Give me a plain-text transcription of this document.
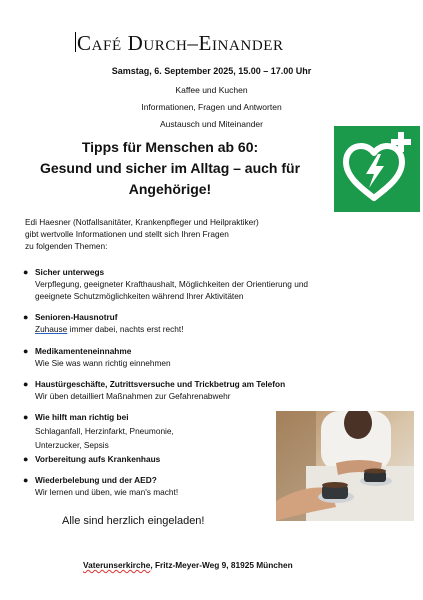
Café Durch–Einander
Samstag, 6. September 2025, 15.00 – 17.00 Uhr
Kaffee und Kuchen
Informationen, Fragen und Antworten
Austausch und Miteinander
Tipps für Menschen ab 60:
Gesund und sicher im Alltag – auch für
Angehörige!
Edi Haesner (Notfallsanitäter, Krankenpfleger und Heilpraktiker)
gibt wertvolle Informationen und stellt sich Ihren Fragen
zu folgenden Themen:
● Sicher unterwegs
Verpflegung, geeigneter Krafthaushalt, Möglichkeiten der Orientierung und
geeignete Schutzmöglichkeiten während Ihrer Aktivitäten
● Senioren-Hausnotruf
Zuhause immer dabei, nachts erst recht!
● Medikamenteneinnahme
Wie Sie was wann richtig einnehmen
● Haustürgeschäfte, Zutrittsversuche und Trickbetrug am Telefon
Wir üben detailliert Maßnahmen zur Gefahrenabwehr
● Wie hilft man richtig bei
Schlaganfall, Herzinfarkt, Pneumonie,
Unterzucker, Sepsis
● Vorbereitung aufs Krankenhaus
● Wiederbelebung und der AED?
Wir lernen und üben, wie man's macht!
Alle sind herzlich eingeladen!
Vaterunserkirche, Fritz-Meyer-Weg 9, 81925 München
